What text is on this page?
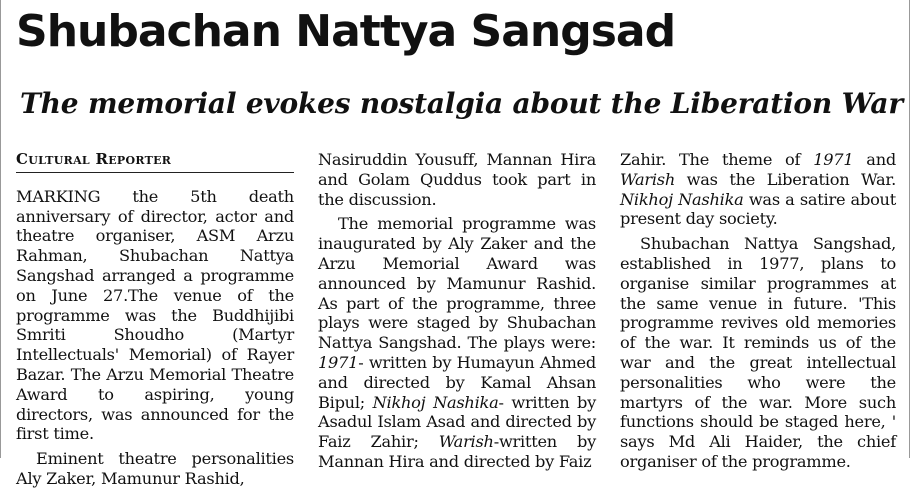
Shubachan Nattya Sangsad
The memorial evokes nostalgia about the Liberation War
Cultural Reporter

MARKING the 5th death anniversary of director, actor and theatre organiser, ASM Arzu Rahman, Shubachan Nattya Sangshad arranged a programme on June 27.The venue of the programme was the Buddhijibi Smriti Shoudho (Martyr Intellectuals' Memorial) of Rayer Bazar. The Arzu Memorial Theatre Award to aspiring, young directors, was announced for the first time.

Eminent theatre personalities Aly Zaker, Mamunur Rashid,

Nasiruddin Yousuff, Mannan Hira and Golam Quddus took part in the discussion.

The memorial programme was inaugurated by Aly Zaker and the Arzu Memorial Award was announced by Mamunur Rashid. As part of the programme, three plays were staged by Shubachan Nattya Sangshad. The plays were: 1971- written by Humayun Ahmed and directed by Kamal Ahsan Bipul; Nikhoj Nashika- written by Asadul Islam Asad and directed by Faiz Zahir; Warish-written by Mannan Hira and directed by Faiz

Zahir. The theme of 1971 and Warish was the Liberation War. Nikhoj Nashika was a satire about present day society.

Shubachan Nattya Sangshad, established in 1977, plans to organise similar programmes at the same venue in future. 'This programme revives old memories of the war. It reminds us of the war and the great intellectual personalities who were the martyrs of the war. More such functions should be staged here, ' says Md Ali Haider, the chief organiser of the programme.
